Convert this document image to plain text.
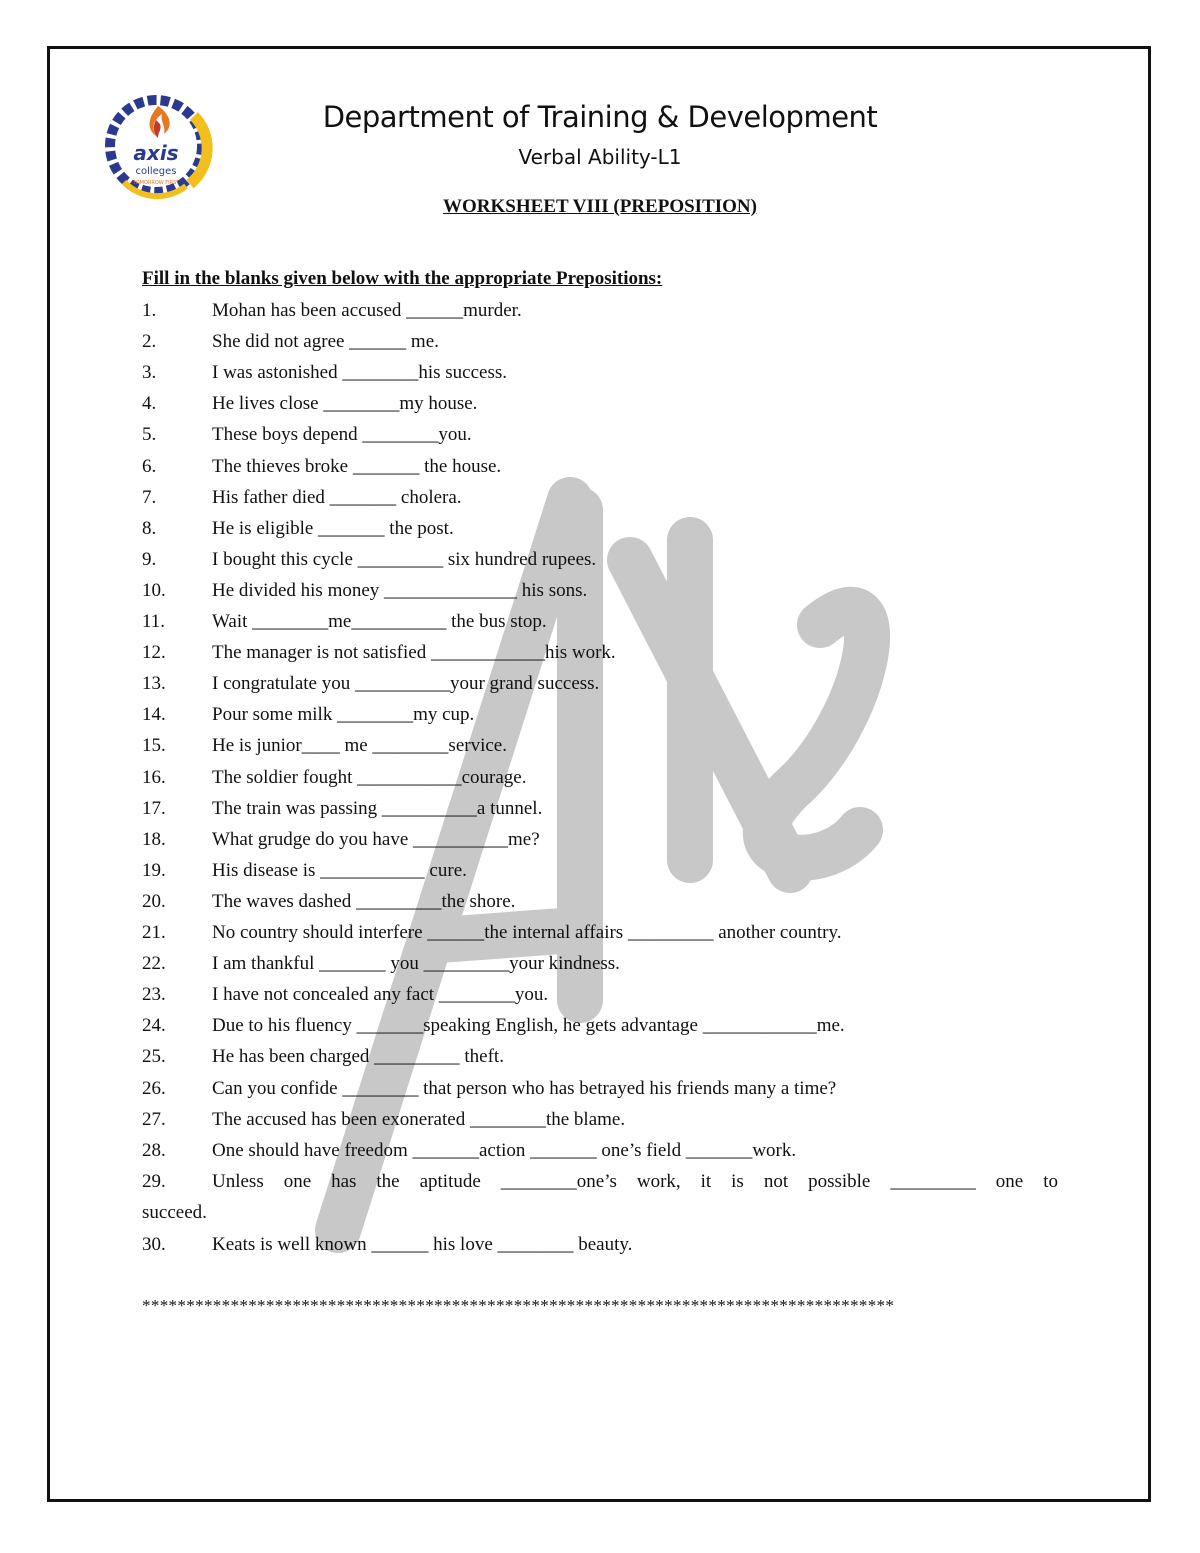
axis
colleges
TOMORROW FIRST
Department of Training & Development
Verbal Ability-L1
WORKSHEET VIII (PREPOSITION)
Fill in the blanks given below with the appropriate Prepositions:
1.	Mohan has been accused ______murder.
2.	She did not agree ______ me.
3.	I was astonished ________his success.
4.	He lives close ________my house.
5.	These boys depend ________you.
6.	The thieves broke _______ the house.
7.	His father died _______ cholera.
8.	He is eligible _______ the post.
9.	I bought this cycle _________ six hundred rupees.
10. He divided his money ______________ his sons.
11. Wait ________me__________ the bus stop.
12. The manager is not satisfied ____________his work.
13. I congratulate you __________your grand success.
14. Pour some milk ________my cup.
15. He is junior____ me ________service.
16. The soldier fought ___________courage.
17. The train was passing __________a tunnel.
18. What grudge do you have __________me?
19. His disease is ___________ cure.
20. The waves dashed _________the shore.
21. No country should interfere ______the internal affairs _________ another country.
22. I am thankful _______ you _________your kindness.
23. I have not concealed any fact ________you.
24. Due to his fluency _______speaking English, he gets advantage ____________me.
25. He has been charged _________ theft.
26. Can you confide ________ that person who has betrayed his friends many a time?
27. The accused has been exonerated ________the blame.
28. One should have freedom _______action _______ one’s field _______work.
29. Unless one has the aptitude ________one’s work, it is not possible _________ one to
succeed.
30. Keats is well known ______ his love ________ beauty.
*************************************************************************************
